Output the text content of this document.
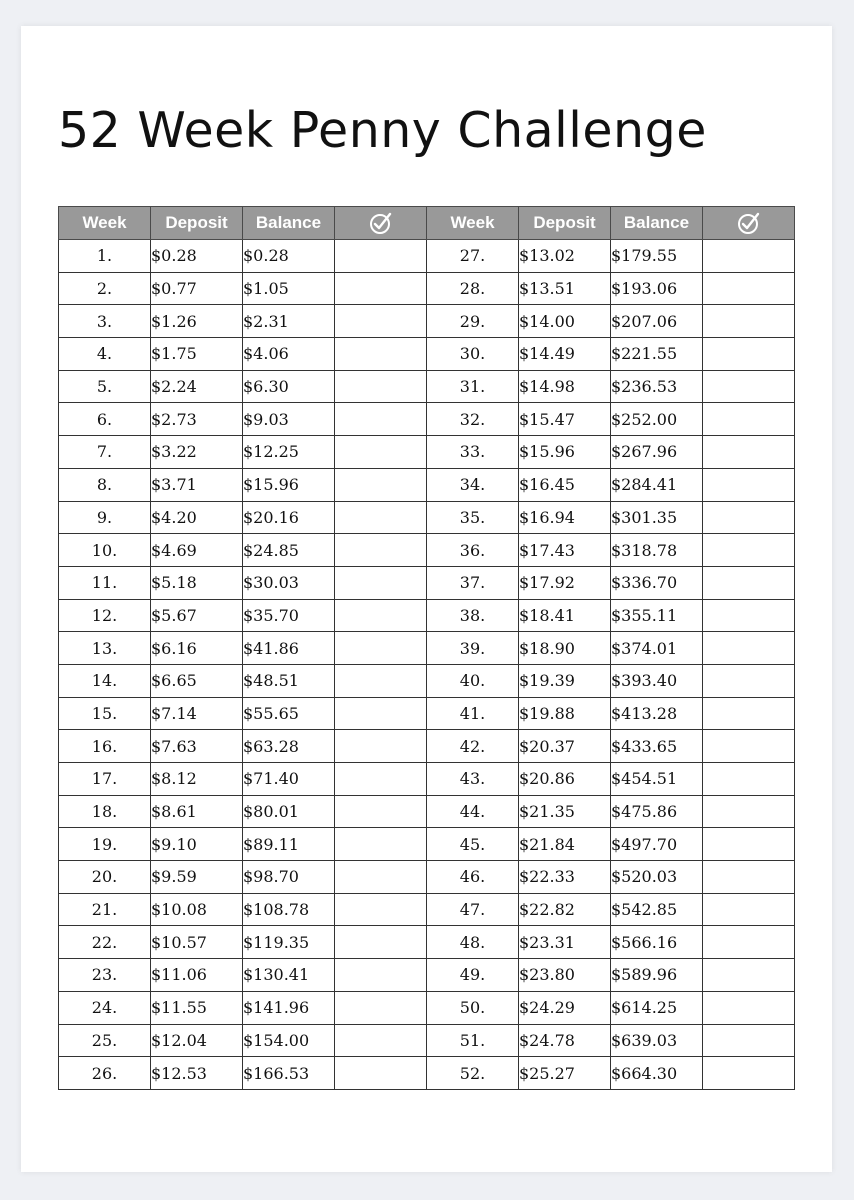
52 Week Penny Challenge
Week	Deposit	Balance		Week	Deposit	Balance	
1.	$0.28	$0.28		27.	$13.02	$179.55	
2.	$0.77	$1.05		28.	$13.51	$193.06	
3.	$1.26	$2.31		29.	$14.00	$207.06	
4.	$1.75	$4.06		30.	$14.49	$221.55	
5.	$2.24	$6.30		31.	$14.98	$236.53	
6.	$2.73	$9.03		32.	$15.47	$252.00	
7.	$3.22	$12.25		33.	$15.96	$267.96	
8.	$3.71	$15.96		34.	$16.45	$284.41	
9.	$4.20	$20.16		35.	$16.94	$301.35	
10.	$4.69	$24.85		36.	$17.43	$318.78	
11.	$5.18	$30.03		37.	$17.92	$336.70	
12.	$5.67	$35.70		38.	$18.41	$355.11	
13.	$6.16	$41.86		39.	$18.90	$374.01	
14.	$6.65	$48.51		40.	$19.39	$393.40	
15.	$7.14	$55.65		41.	$19.88	$413.28	
16.	$7.63	$63.28		42.	$20.37	$433.65	
17.	$8.12	$71.40		43.	$20.86	$454.51	
18.	$8.61	$80.01		44.	$21.35	$475.86	
19.	$9.10	$89.11		45.	$21.84	$497.70	
20.	$9.59	$98.70		46.	$22.33	$520.03	
21.	$10.08	$108.78		47.	$22.82	$542.85	
22.	$10.57	$119.35		48.	$23.31	$566.16	
23.	$11.06	$130.41		49.	$23.80	$589.96	
24.	$11.55	$141.96		50.	$24.29	$614.25	
25.	$12.04	$154.00		51.	$24.78	$639.03	
26.	$12.53	$166.53		52.	$25.27	$664.30	
